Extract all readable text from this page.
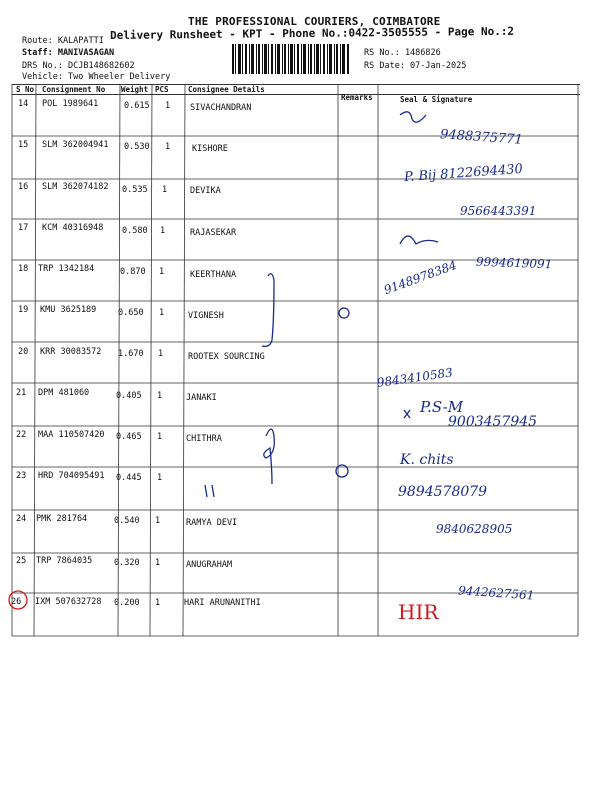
THE PROFESSIONAL COURIERS, COIMBATORE
Delivery Runsheet - KPT - Phone No.:0422-3505555 - Page No.:2
Route: KALAPATTI
Staff: MANIVASAGAN
DRS No.: DCJB148682602
Vehicle: Two Wheeler Delivery
RS No.: 1486826
RS Date: 07-Jan-2025
S No Consignment No Weight PCS	Consignee Details
Remarks	Seal & Signature
14 POL 1989641	0.615 1 SIVACHANDRAN
9488375771
15 SLM 362004941 0.530 1	KISHORE
P. Bij 8122694430
16 SLM 362074182 0.535 1	DEVIKA
9566443391
17 KCM 40316948 0.580 1	RAJASEKAR
9994619091
18 TRP 1342184	0.870 1	KEERTHANA	9148978384
19 KMU 3625189	0.650 1	VIGNESH
20 KRR 30083572 1.670 1	ROOTEX SOURCING
9843410583
21 DPM 481060	0.405 1	JANAKI	P.S-M
9003457945
22 MAA 110507420 0.465 1	CHITHRA
K. chits
23 HRD 704095491 0.445 1
9894578079
24 PMK 281764	0.540 1	RAMYA DEVI	9840628905
25 TRP 7864035	0.320 1	ANUGRAHAM
9442627561
26 IXM 507632728 0.200 1	HARI ARUNANITHI	HIR
